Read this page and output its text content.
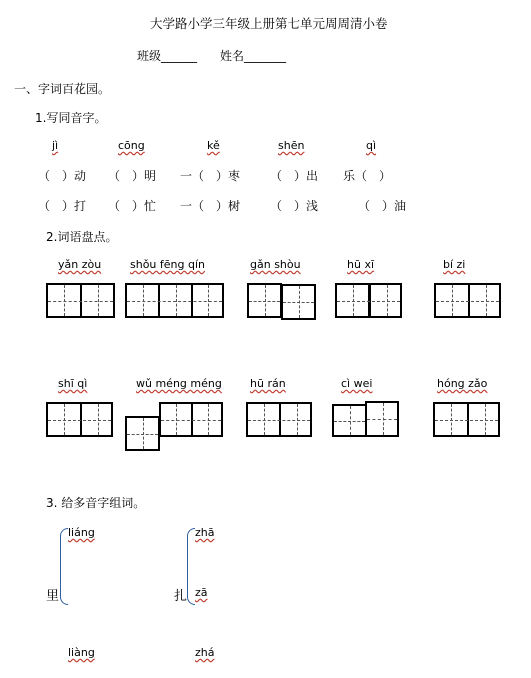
大学路小学三年级上册第七单元周周清小卷
班级______ 姓名_______
一、字词百花园。
1.写同音字。
jì	cōng	kě	shēn	qì
（　）动 （　）明 一（　）枣 （　）出 乐（　）
（　）打 （　）忙 一（　）树 （　）浅	（　）油
2.词语盘点。
yǎn zòu	shǒu fēng qín	gǎn shòu	hū xī	bí zi
shī qì	wǔ méng méng	hū rán	cì wei	hóng zǎo
3. 给多音字组词。
liáng
里
zhā
扎 zā
liàng	zhá
